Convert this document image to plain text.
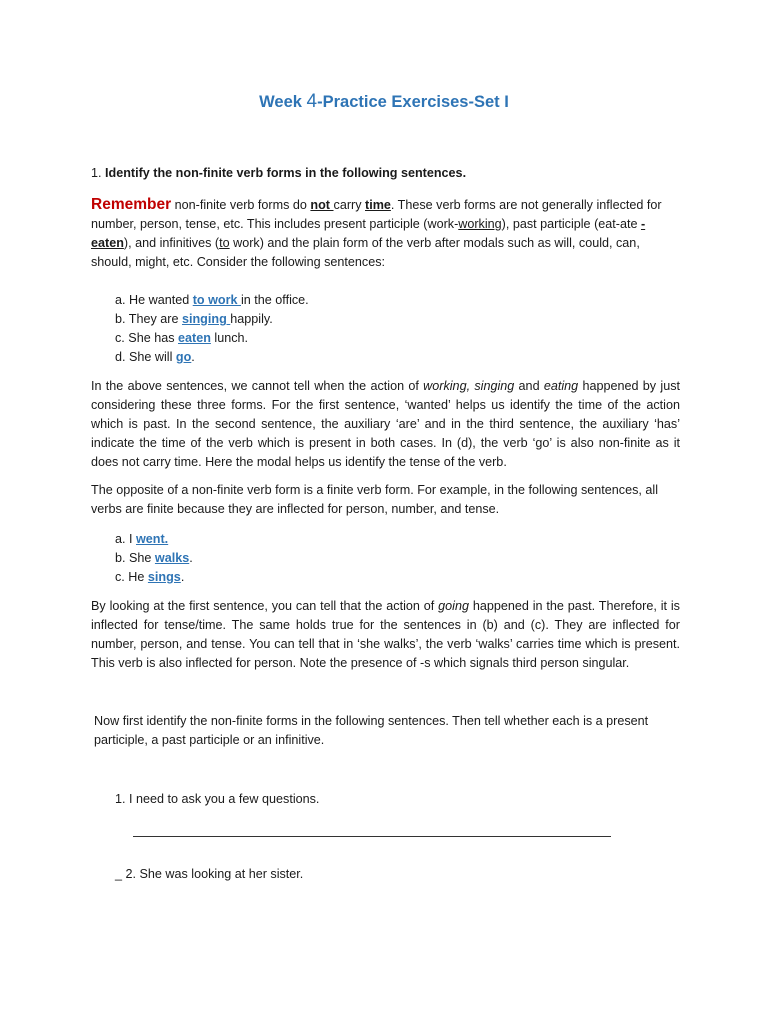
Week 4-Practice Exercises-Set I
1. Identify the non-finite verb forms in the following sentences.
Remember non-finite verb forms do not carry time. These verb forms are not generally inflected for number, person, tense, etc. This includes present participle (work-working), past participle (eat-ate -eaten), and infinitives (to work) and the plain form of the verb after modals such as will, could, can, should, might, etc. Consider the following sentences:
a. He wanted to work in the office.
b. They are singing happily.
c. She has eaten lunch.
d. She will go.
In the above sentences, we cannot tell when the action of working, singing and eating happened by just considering these three forms. For the first sentence, ‘wanted’ helps us identify the time of the action which is past. In the second sentence, the auxiliary ‘are’ and in the third sentence, the auxiliary ‘has’ indicate the time of the verb which is present in both cases. In (d), the verb ‘go’ is also non-finite as it does not carry time. Here the modal helps us identify the tense of the verb.
The opposite of a non-finite verb form is a finite verb form. For example, in the following sentences, all verbs are finite because they are inflected for person, number, and tense.
a. I went.
b. She walks.
c. He sings.
By looking at the first sentence, you can tell that the action of going happened in the past. Therefore, it is inflected for tense/time. The same holds true for the sentences in (b) and (c). They are inflected for number, person, and tense. You can tell that in ‘she walks’, the verb ‘walks’ carries time which is present. This verb is also inflected for person. Note the presence of -s which signals third person singular.
Now first identify the non-finite forms in the following sentences. Then tell whether each is a present participle, a past participle or an infinitive.
1. I need to ask you a few questions.
_ 2. She was looking at her sister.
